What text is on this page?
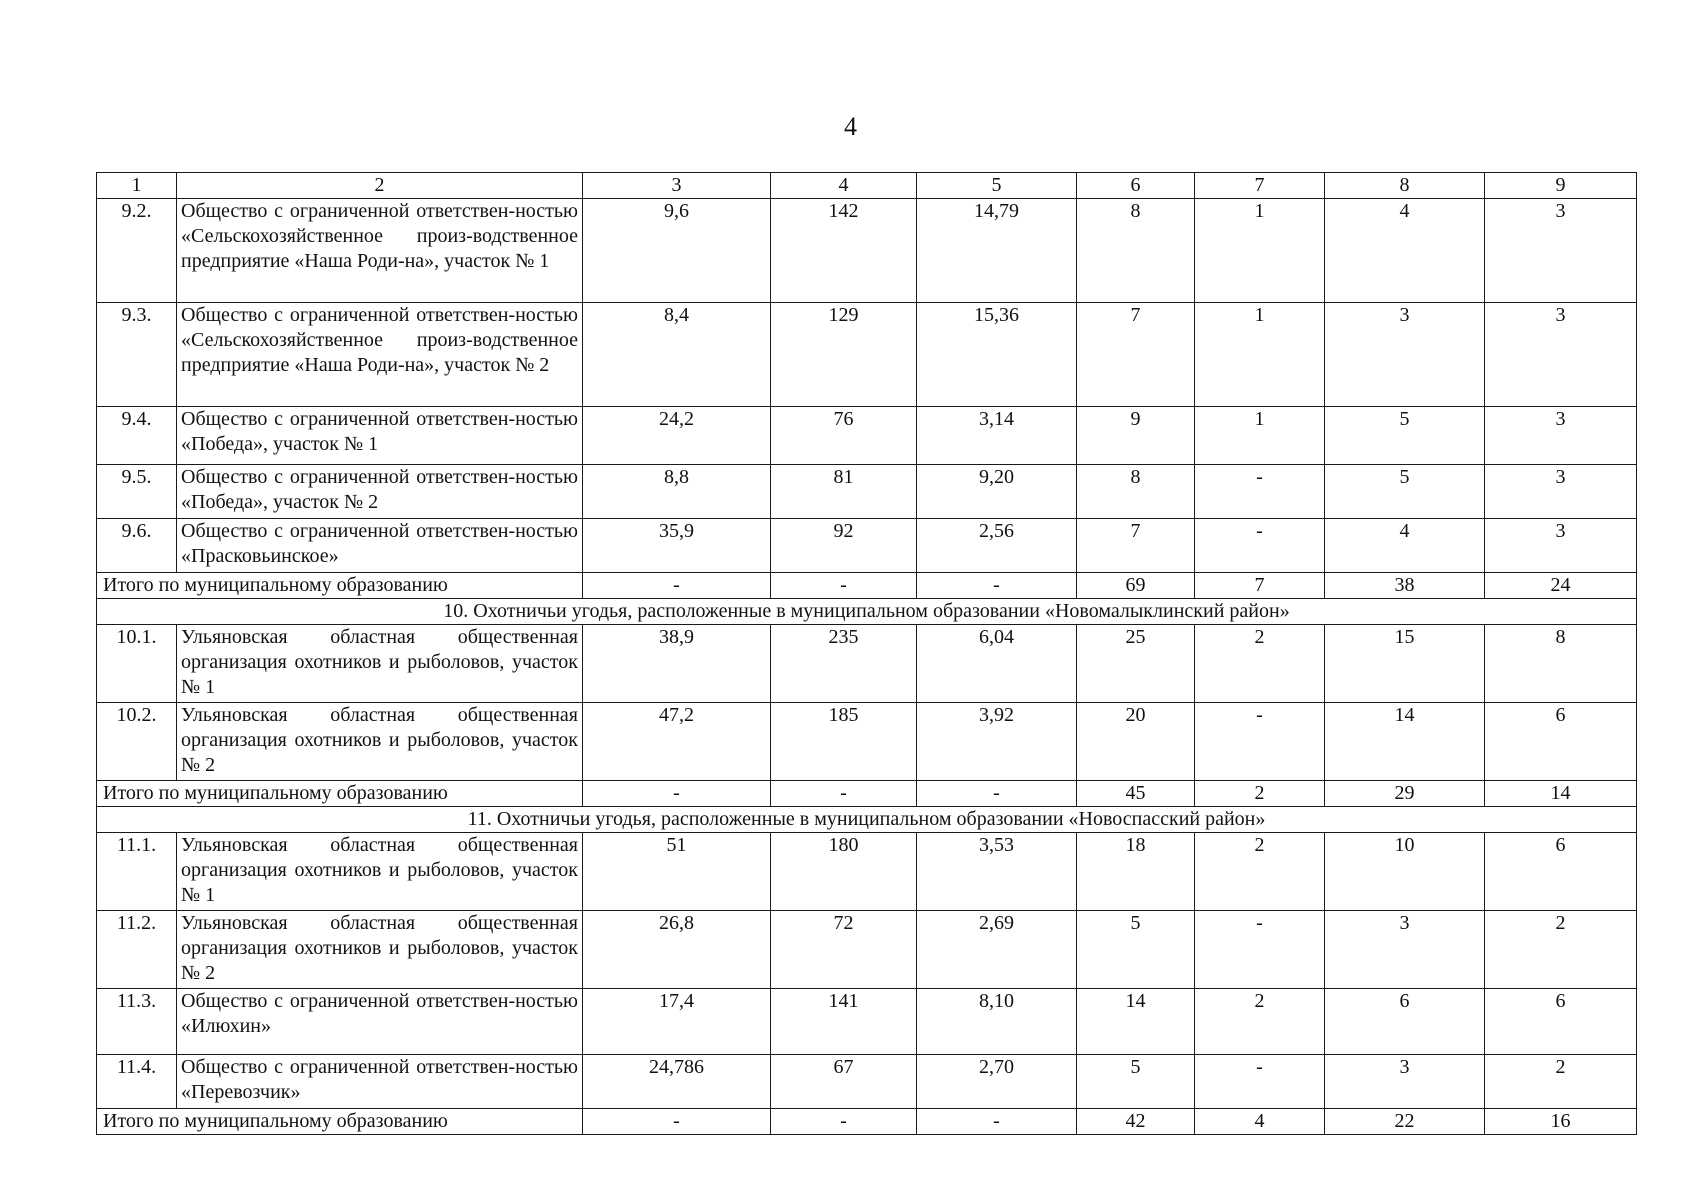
4
1	2	3	4	5	6	7	8	9
9.2.	Общество с ограниченной ответствен-ностью «Сельскохозяйственное произ-водственное предприятие «Наша Роди-на», участок № 1	9,6	142	14,79	8	1	4	3
9.3.	Общество с ограниченной ответствен-ностью «Сельскохозяйственное произ-водственное предприятие «Наша Роди-на», участок № 2	8,4	129	15,36	7	1	3	3
9.4.	Общество с ограниченной ответствен-ностью «Победа», участок № 1	24,2	76	3,14	9	1	5	3
9.5.	Общество с ограниченной ответствен-ностью «Победа», участок № 2	8,8	81	9,20	8	-	5	3
9.6.	Общество с ограниченной ответствен-ностью «Прасковьинское»	35,9	92	2,56	7	-	4	3
Итого по муниципальному образованию		-	-	-	69	7	38	24
10. Охотничьи угодья, расположенные в муниципальном образовании «Новомалыклинский район»								
10.1.	Ульяновская областная общественная организация охотников и рыболовов, участок № 1	38,9	235	6,04	25	2	15	8
10.2.	Ульяновская областная общественная организация охотников и рыболовов, участок № 2	47,2	185	3,92	20	-	14	6
Итого по муниципальному образованию		-	-	-	45	2	29	14
11. Охотничьи угодья, расположенные в муниципальном образовании «Новоспасский район»								
11.1.	Ульяновская областная общественная организация охотников и рыболовов, участок № 1	51	180	3,53	18	2	10	6
11.2.	Ульяновская областная общественная организация охотников и рыболовов, участок № 2	26,8	72	2,69	5	-	3	2
11.3.	Общество с ограниченной ответствен-ностью «Илюхин»	17,4	141	8,10	14	2	6	6
11.4.	Общество с ограниченной ответствен-ностью «Перевозчик»	24,786	67	2,70	5	-	3	2
Итого по муниципальному образованию		-	-	-	42	4	22	16
